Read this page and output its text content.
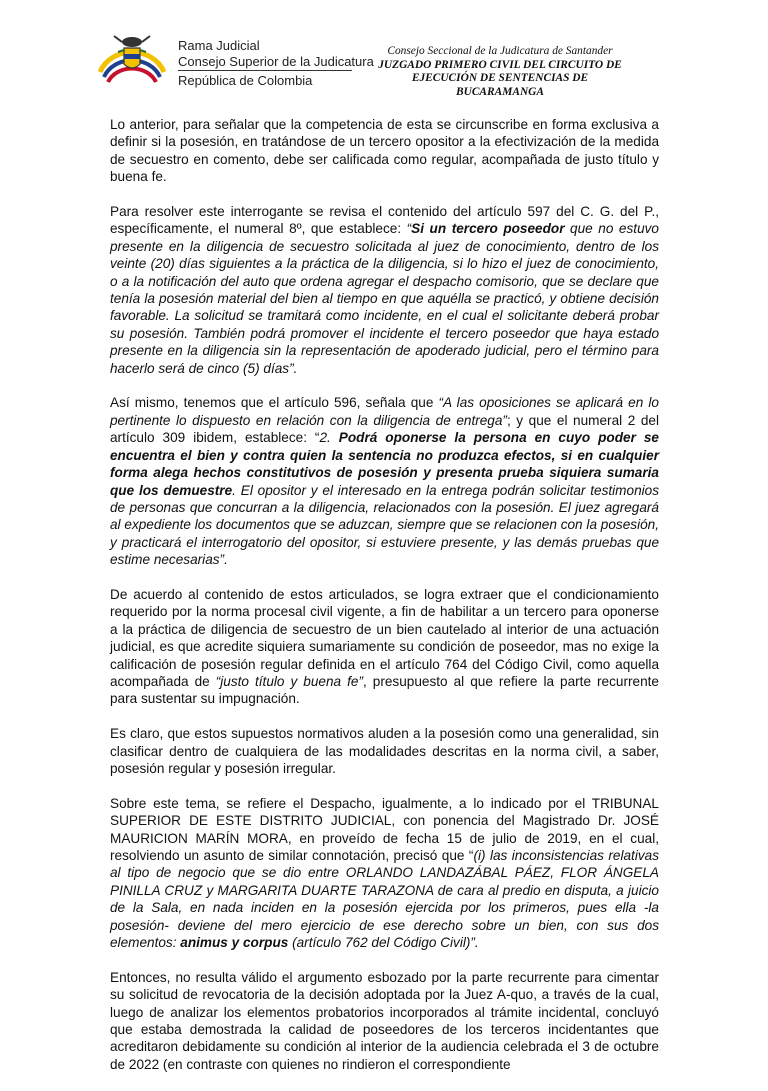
Rama Judicial
Consejo Superior de la Judicatura
República de Colombia
Consejo Seccional de la Judicatura de Santander
JUZGADO PRIMERO CIVIL DEL CIRCUITO DE
EJECUCIÓN DE SENTENCIAS DE
BUCARAMANGA

Lo anterior, para señalar que la competencia de esta se circunscribe en forma exclusiva a definir si la posesión, en tratándose de un tercero opositor a la efectivización de la medida de secuestro en comento, debe ser calificada como regular, acompañada de justo título y buena fe.

Para resolver este interrogante se revisa el contenido del artículo 597 del C. G. del P., específicamente, el numeral 8º, que establece: “Si un tercero poseedor que no estuvo presente en la diligencia de secuestro solicitada al juez de conocimiento, dentro de los veinte (20) días siguientes a la práctica de la diligencia, si lo hizo el juez de conocimiento, o a la notificación del auto que ordena agregar el despacho comisorio, que se declare que tenía la posesión material del bien al tiempo en que aquélla se practicó, y obtiene decisión favorable. La solicitud se tramitará como incidente, en el cual el solicitante deberá probar su posesión. También podrá promover el incidente el tercero poseedor que haya estado presente en la diligencia sin la representación de apoderado judicial, pero el término para hacerlo será de cinco (5) días”.

Así mismo, tenemos que el artículo 596, señala que “A las oposiciones se aplicará en lo pertinente lo dispuesto en relación con la diligencia de entrega”; y que el numeral 2 del artículo 309 ibidem, establece: “2. Podrá oponerse la persona en cuyo poder se encuentra el bien y contra quien la sentencia no produzca efectos, si en cualquier forma alega hechos constitutivos de posesión y presenta prueba siquiera sumaria que los demuestre. El opositor y el interesado en la entrega podrán solicitar testimonios de personas que concurran a la diligencia, relacionados con la posesión. El juez agregará al expediente los documentos que se aduzcan, siempre que se relacionen con la posesión, y practicará el interrogatorio del opositor, si estuviere presente, y las demás pruebas que estime necesarias”.

De acuerdo al contenido de estos articulados, se logra extraer que el condicionamiento requerido por la norma procesal civil vigente, a fin de habilitar a un tercero para oponerse a la práctica de diligencia de secuestro de un bien cautelado al interior de una actuación judicial, es que acredite siquiera sumariamente su condición de poseedor, mas no exige la calificación de posesión regular definida en el artículo 764 del Código Civil, como aquella acompañada de “justo título y buena fe”, presupuesto al que refiere la parte recurrente para sustentar su impugnación.

Es claro, que estos supuestos normativos aluden a la posesión como una generalidad, sin clasificar dentro de cualquiera de las modalidades descritas en la norma civil, a saber, posesión regular y posesión irregular.

Sobre este tema, se refiere el Despacho, igualmente, a lo indicado por el TRIBUNAL SUPERIOR DE ESTE DISTRITO JUDICIAL, con ponencia del Magistrado Dr. JOSÉ MAURICION MARÍN MORA, en proveído de fecha 15 de julio de 2019, en el cual, resolviendo un asunto de similar connotación, precisó que “(i) las inconsistencias relativas al tipo de negocio que se dio entre ORLANDO LANDAZÁBAL PÁEZ, FLOR ÁNGELA PINILLA CRUZ y MARGARITA DUARTE TARAZONA de cara al predio en disputa, a juicio de la Sala, en nada inciden en la posesión ejercida por los primeros, pues ella -la posesión- deviene del mero ejercicio de ese derecho sobre un bien, con sus dos elementos: animus y corpus (artículo 762 del Código Civil)”.

Entonces, no resulta válido el argumento esbozado por la parte recurrente para cimentar su solicitud de revocatoria de la decisión adoptada por la Juez A-quo, a través de la cual, luego de analizar los elementos probatorios incorporados al trámite incidental, concluyó que estaba demostrada la calidad de poseedores de los terceros incidentantes que acreditaron debidamente su condición al interior de la audiencia celebrada el 3 de octubre de 2022 (en contraste con quienes no rindieron el correspondiente
